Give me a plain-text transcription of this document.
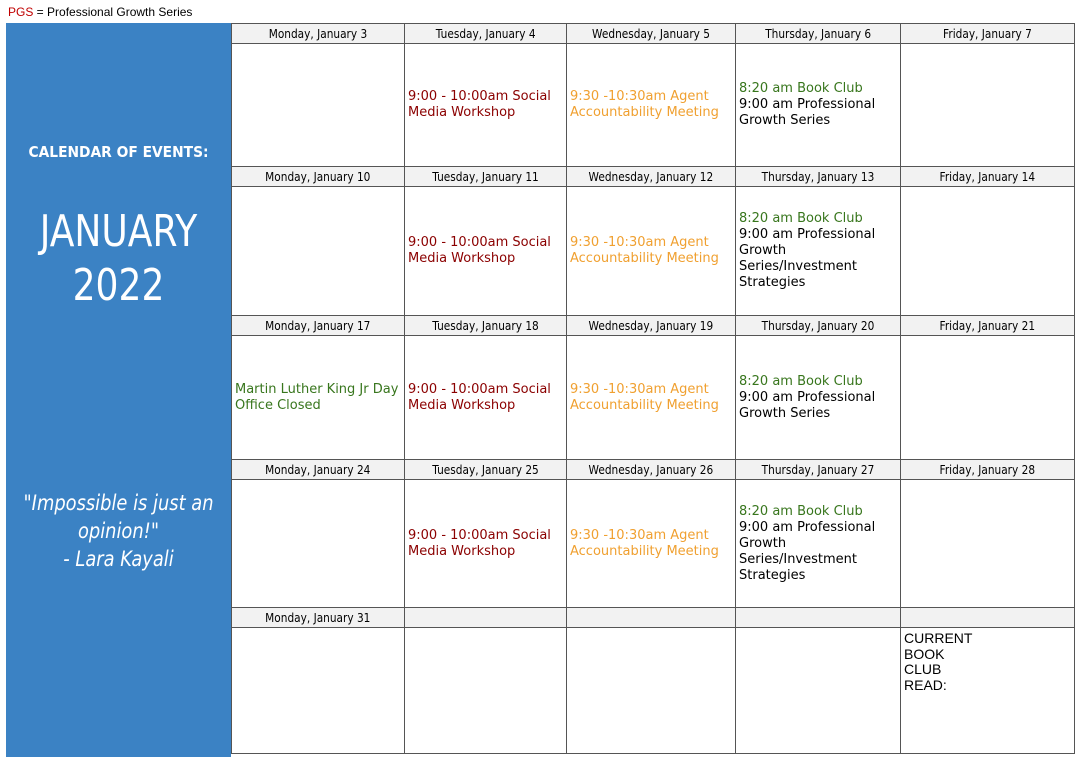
PGS = Professional Growth Series
CALENDAR OF EVENTS:
JANUARY
2022
"Impossible is just an
opinion!"
- Lara Kayali
Monday, January 3	Tuesday, January 4	Wednesday, January 5	Thursday, January 6	Friday, January 7
	9:00 - 10:00am Social Media Workshop	9:30 -10:30am Agent Accountability Meeting	8:20 am Book Club
9:00 am Professional Growth Series	

Monday, January 10	Tuesday, January 11	Wednesday, January 12	Thursday, January 13	Friday, January 14
	9:00 - 10:00am Social Media Workshop	9:30 -10:30am Agent Accountability Meeting	8:20 am Book Club
9:00 am Professional Growth Series/Investment Strategies	

Monday, January 17	Tuesday, January 18	Wednesday, January 19	Thursday, January 20	Friday, January 21
Martin Luther King Jr Day Office Closed	9:00 - 10:00am Social Media Workshop	9:30 -10:30am Agent Accountability Meeting	8:20 am Book Club
9:00 am Professional Growth Series	

Monday, January 24	Tuesday, January 25	Wednesday, January 26	Thursday, January 27	Friday, January 28
	9:00 - 10:00am Social Media Workshop	9:30 -10:30am Agent Accountability Meeting	8:20 am Book Club
9:00 am Professional Growth Series/Investment Strategies	

Monday, January 31				

				CURRENT BOOK CLUB READ:
